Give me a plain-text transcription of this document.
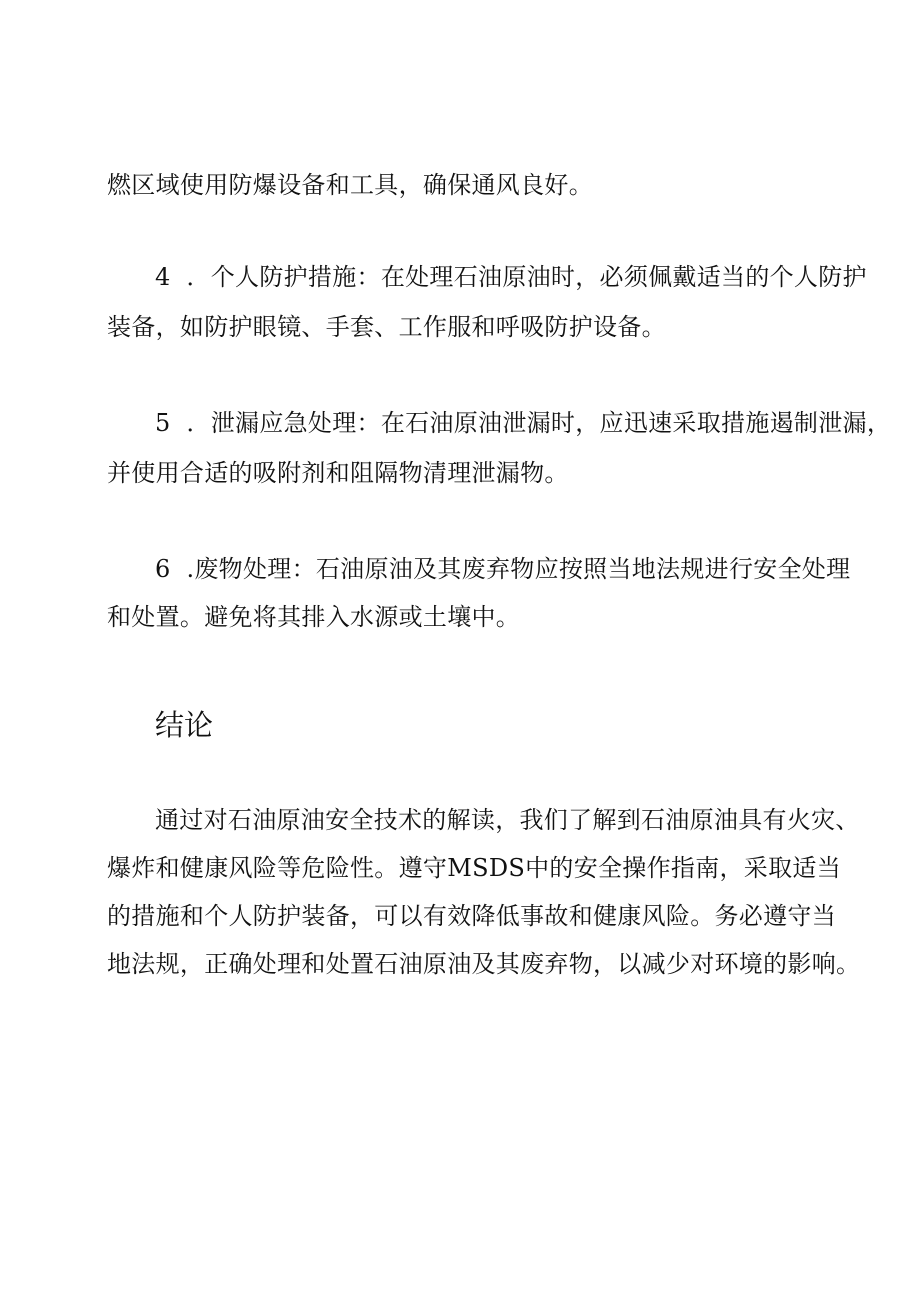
燃区域使用防爆设备和工具，确保通风良好。

4 ．个人防护措施：在处理石油原油时，必须佩戴适当的个人防护

装备，如防护眼镜、手套、工作服和呼吸防护设备。

5 ．泄漏应急处理：在石油原油泄漏时，应迅速采取措施遏制泄漏，

并使用合适的吸附剂和阻隔物清理泄漏物。

6 .废物处理：石油原油及其废弃物应按照当地法规进行安全处理

和处置。避免将其排入水源或土壤中。

结论

通过对石油原油安全技术的解读，我们了解到石油原油具有火灾、

爆炸和健康风险等危险性。遵守MSDS中的安全操作指南，采取适当

的措施和个人防护装备，可以有效降低事故和健康风险。务必遵守当

地法规，正确处理和处置石油原油及其废弃物，以减少对环境的影响。
